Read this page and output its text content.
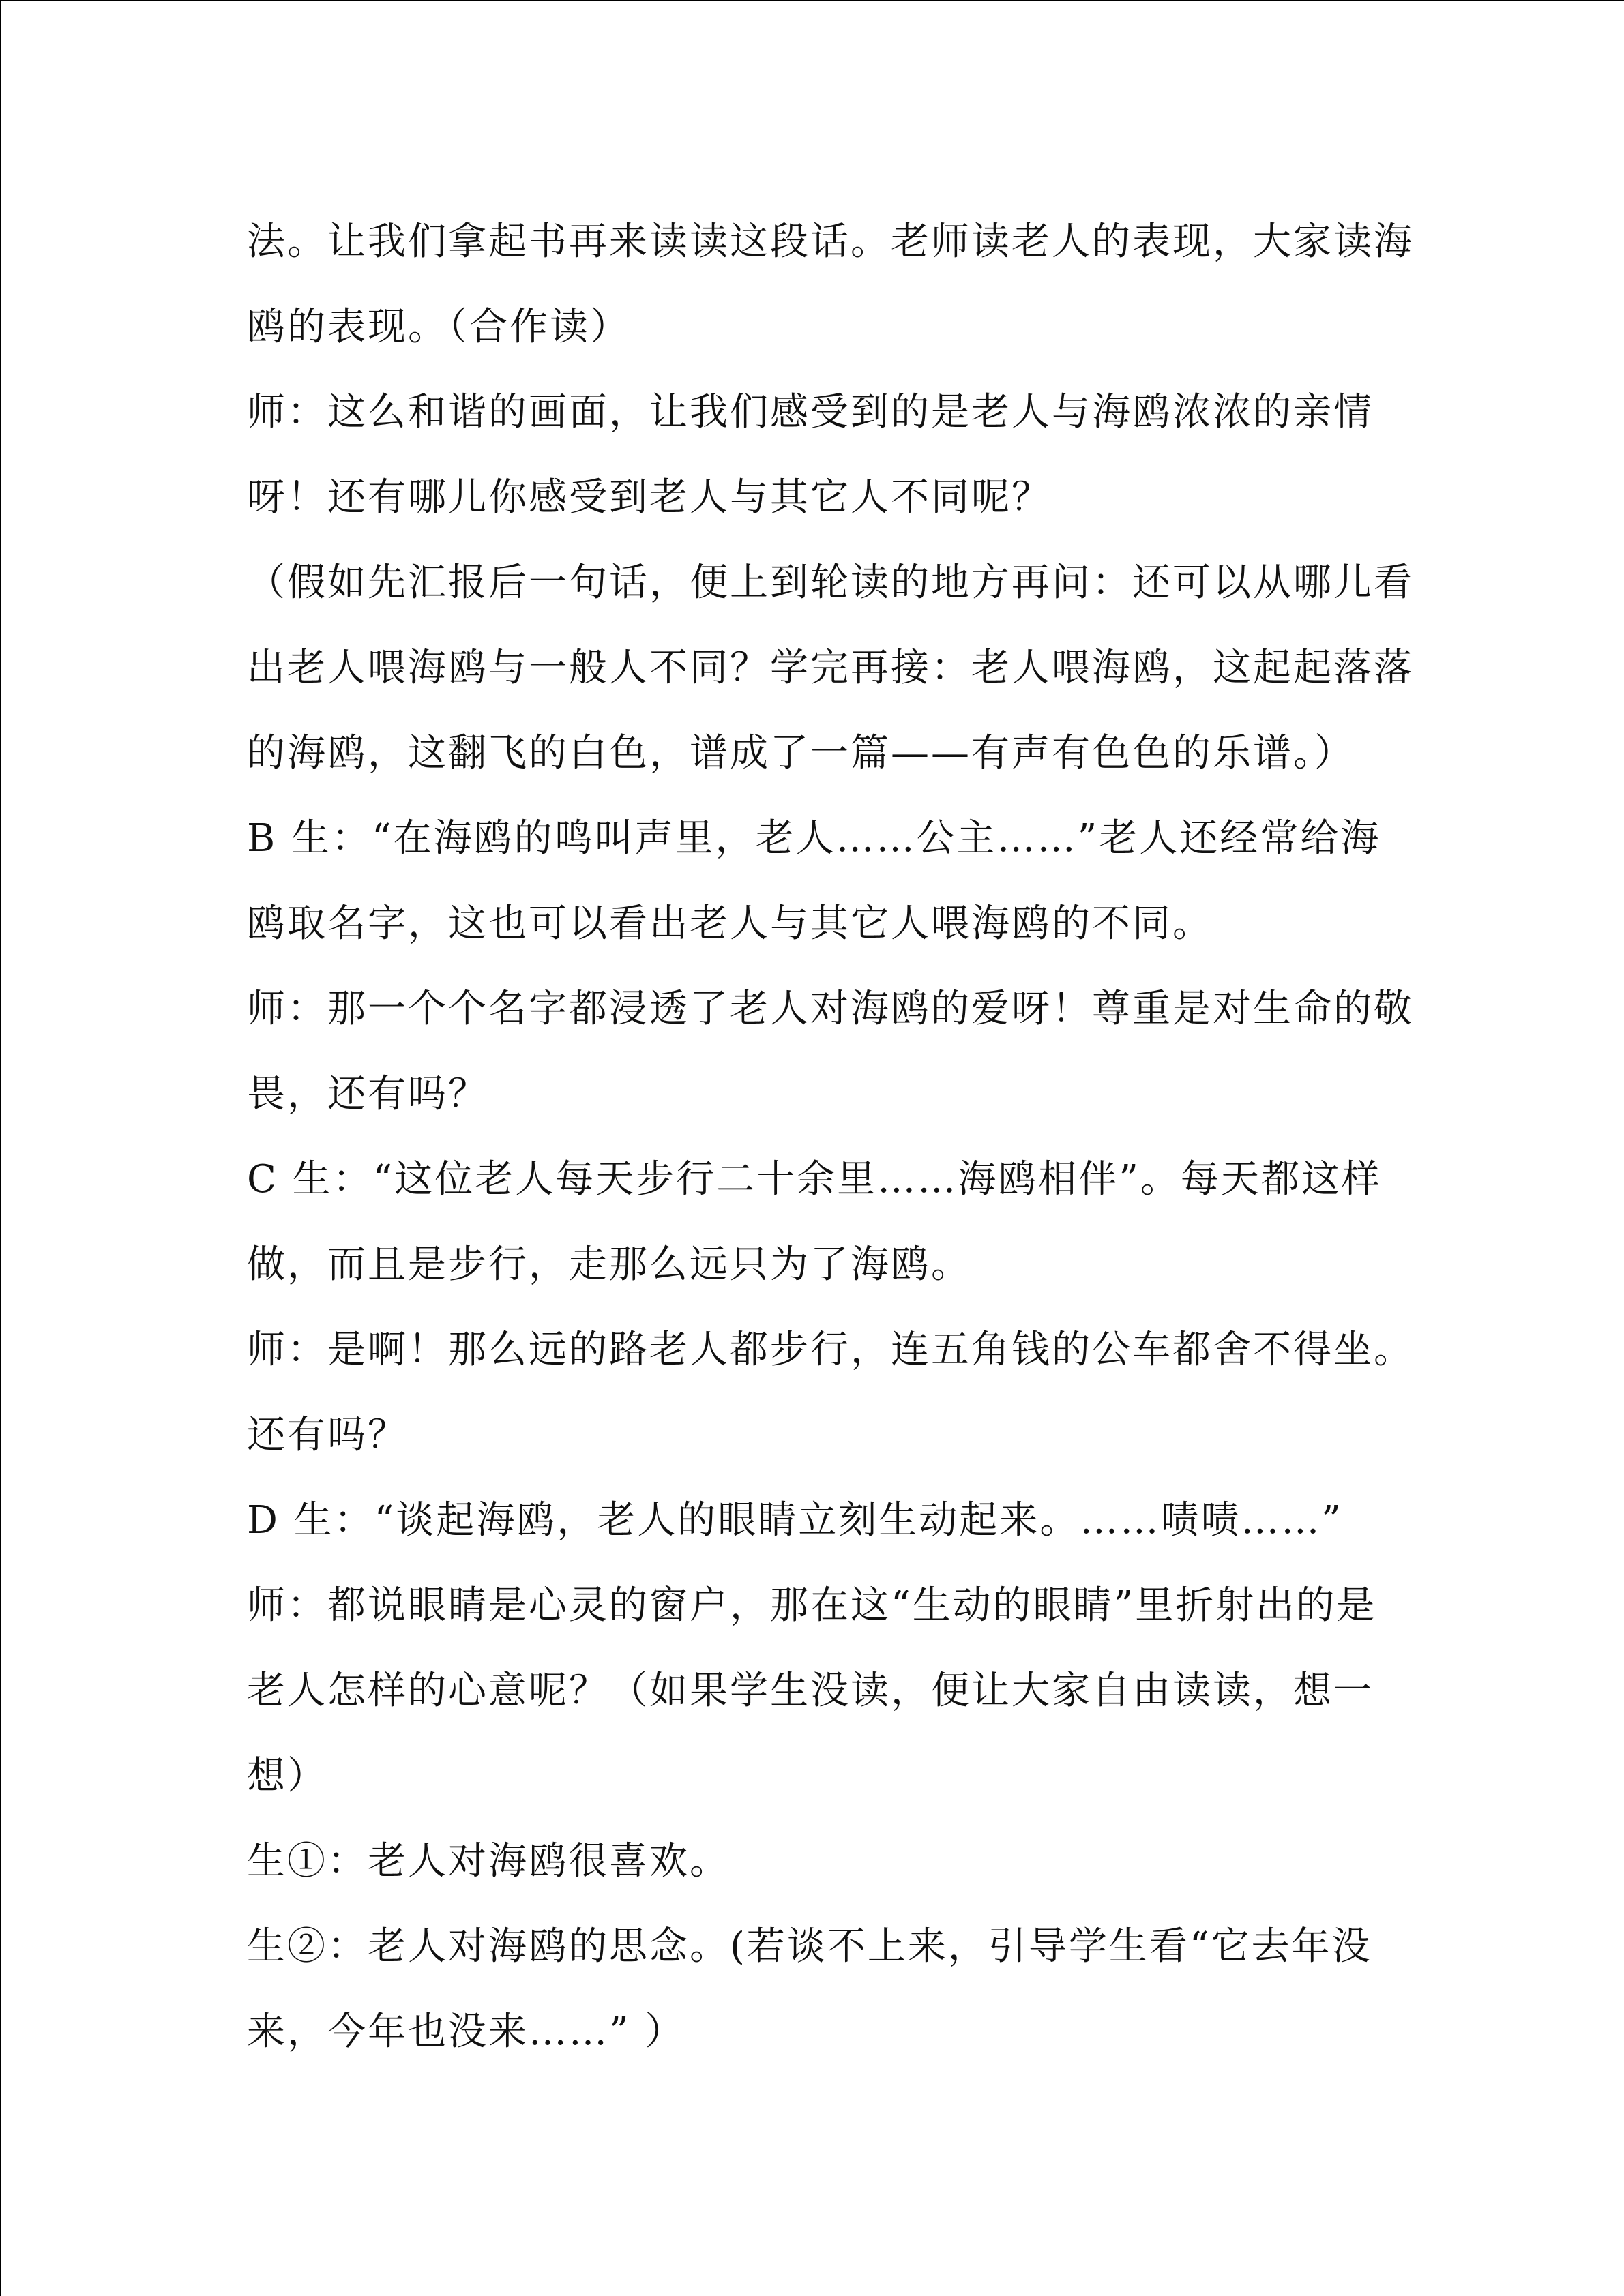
法。让我们拿起书再来读读这段话。老师读老人的表现，大家读海
鸥的表现。（合作读）
师：这么和谐的画面，让我们感受到的是老人与海鸥浓浓的亲情
呀！还有哪儿你感受到老人与其它人不同呢？
（假如先汇报后一句话，便上到轮读的地方再问：还可以从哪儿看
出老人喂海鸥与一般人不同？学完再接：老人喂海鸥，这起起落落
的海鸥，这翻飞的白色，谱成了一篇——有声有色色的乐谱。）
B 生：“在海鸥的鸣叫声里，老人……公主……”老人还经常给海
鸥取名字，这也可以看出老人与其它人喂海鸥的不同。
师：那一个个名字都浸透了老人对海鸥的爱呀！尊重是对生命的敬
畏，还有吗？
C 生：“这位老人每天步行二十余里……海鸥相伴”。每天都这样
做，而且是步行，走那么远只为了海鸥。
师：是啊！那么远的路老人都步行，连五角钱的公车都舍不得坐。
还有吗？
D 生：“谈起海鸥，老人的眼睛立刻生动起来。……啧啧……”
师：都说眼睛是心灵的窗户，那在这“生动的眼睛”里折射出的是
老人怎样的心意呢？（如果学生没读，便让大家自由读读，想一
想）
生①：老人对海鸥很喜欢。
生②：老人对海鸥的思念。(若谈不上来，引导学生看“它去年没
来，今年也没来……” ）
